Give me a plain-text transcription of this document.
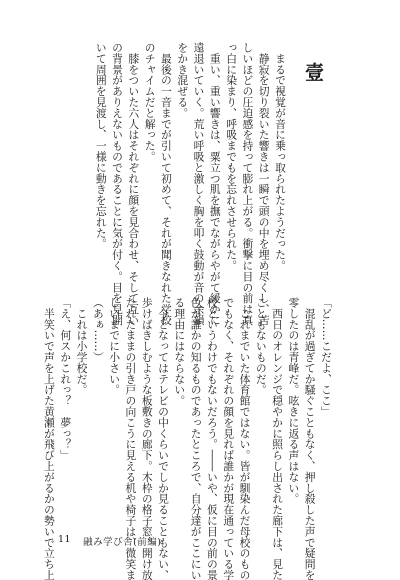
壹

　まるで視覚が音に乗っ取られたようだった。

　静寂を切り裂いた響きは一瞬で頭の中を埋め尽くし、苦

しいほどの圧迫感を持って膨れ上がる。衝撃に目の前は真

っ白に染まり、呼吸までもを忘れさせられた。

　重い、重い響きは、粟立つ肌を撫でながらやがて緩かに

遠退いていく。荒い呼吸と激しく胸を叩く鼓動が音の余韻

をかき混ぜる。

　最後の一音までが引いて初めて、それが聞きなれた学校

のチャイムだと解った。

　膝をついた六人はそれぞれに顔を見合わせ、そして互い

の背景がありえないものであることに気が付く。目を見開

いて周囲を見渡し、一様に動きを忘れた。

「ど……こだよ、ここ」

　混乱が過ぎてか騒ぐこともなく、押し殺した声で疑問を

零したのは青峰だ。呟きに返る声はない。

　西日のオレンジで穏やかに照らし出された廊下は、見た

こともないものだ。

　これまでいた体育館ではない。皆が馴染んだ母校のもの

でもなく、それぞれの顔を見れば誰かが現在通っている学

校というわけでもないだろう。――いや、仮に目の前の景

色が誰かの知るものであったところで、自分達がここにい

る理由にはならない。

　今となってはテレビの中くらいでしか見ることもない、

歩けばきしむような板敷きの廊下。木枠の格子窓。開け放

たれたままの引き戸の向こうに見える机や椅子は、微笑ま

しいまでに小さい。

（あぁ……）

　これは小学校だ。

「え、何スかこれっ？　夢っ？」

　半笑いで声を上げた黄瀬が飛び上がるかの勢いで立ち上 11 融み学び舎(前編)
